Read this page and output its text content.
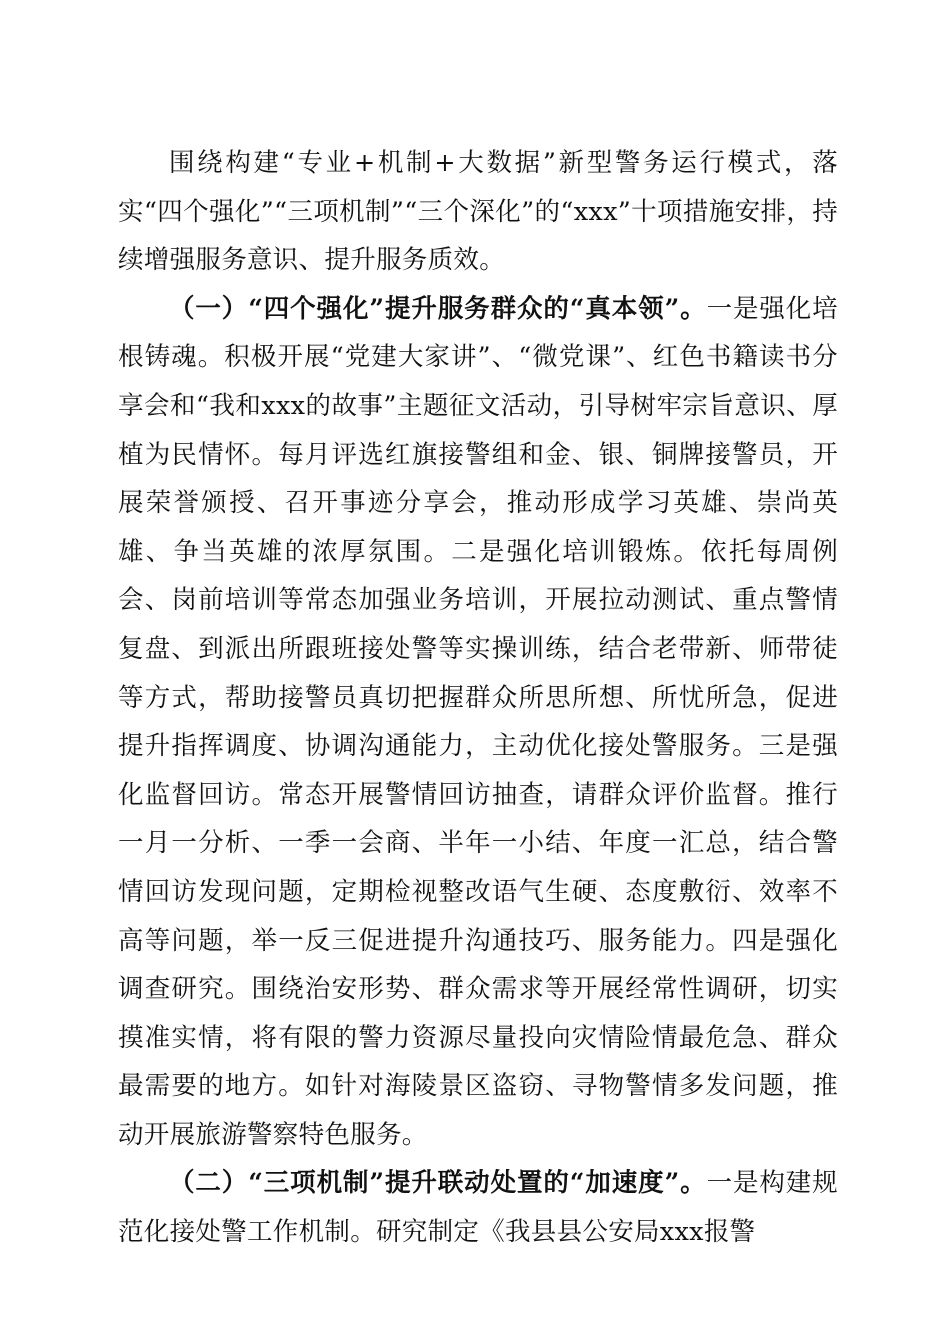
围绕构建“专业+机制+大数据”新型警务运行模式，落实“四个强化”“三项机制”“三个深化”的“xxx”十项措施安排，持续增强服务意识、提升服务质效。

（一）“四个强化”提升服务群众的“真本领”。一是强化培根铸魂。积极开展“党建大家讲”、“微党课”、红色书籍读书分享会和“我和xxx的故事”主题征文活动，引导树牢宗旨意识、厚植为民情怀。每月评选红旗接警组和金、银、铜牌接警员，开展荣誉颁授、召开事迹分享会，推动形成学习英雄、崇尚英雄、争当英雄的浓厚氛围。二是强化培训锻炼。依托每周例会、岗前培训等常态加强业务培训，开展拉动测试、重点警情复盘、到派出所跟班接处警等实操训练，结合老带新、师带徒等方式，帮助接警员真切把握群众所思所想、所忧所急，促进提升指挥调度、协调沟通能力，主动优化接处警服务。三是强化监督回访。常态开展警情回访抽查，请群众评价监督。推行一月一分析、一季一会商、半年一小结、年度一汇总，结合警情回访发现问题，定期检视整改语气生硬、态度敷衍、效率不高等问题，举一反三促进提升沟通技巧、服务能力。四是强化调查研究。围绕治安形势、群众需求等开展经常性调研，切实摸准实情，将有限的警力资源尽量投向灾情险情最危急、群众最需要的地方。如针对海陵景区盗窃、寻物警情多发问题，推动开展旅游警察特色服务。

（二）“三项机制”提升联动处置的“加速度”。一是构建规范化接处警工作机制。研究制定《我县县公安局xxx报警
